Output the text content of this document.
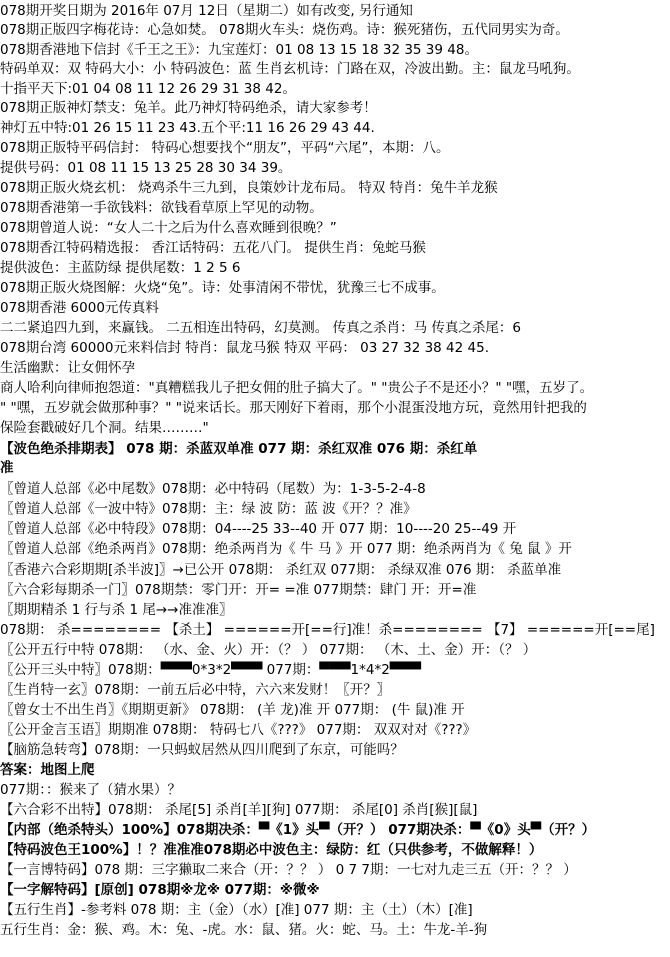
078期开奖日期为 2016年 07月 12日（星期二）如有改变, 另行通知
078期正版四字梅花诗：心急如焚。 078期火车头：烧伤鸡。诗：猴死猪伤，五代同男实为奇。
078期香港地下信封《千王之王》：九宝莲灯：01 08 13 15 18 32 35 39 48。
特码单双：双 特码大小：小 特码波色：蓝 生肖玄机诗：门路在双，冷波出勤。主：鼠龙马吼狗。
十指平天下:01 04 08 11 12 26 29 31 38 42。
078期正版神灯禁支：兔羊。此乃神灯特码绝杀，请大家参考！
神灯五中特:01 26 15 11 23 43.五个平:11 16 26 29 43 44.
078期正版特平码信封： 特码心想要找个“朋友”，平码“六尾”，本期：八。
提供号码：01 08 11 15 13 25 28 30 34 39。
078期正版火烧玄机： 烧鸡杀牛三九到，良策妙计龙布局。 特双 特肖：兔牛羊龙猴
078期香港第一手欲钱料：欲钱看草原上罕见的动物。
078期曾道人说：“女人二十之后为什么喜欢睡到很晚？”
078期香江特码精选报： 香江话特码：五花八门。 提供生肖：兔蛇马猴
提供波色：主蓝防绿 提供尾数：1 2 5 6
078期正版火烧图解：火烧“兔”。诗：处事清闲不带忧，犹豫三七不成事。
078期香港 6000元传真料
二二紧追四九到，来赢钱。 二五相连出特码，幻莫测。 传真之杀肖：马 传真之杀尾：6
078期台湾 60000元来料信封 特肖：鼠龙马猴 特双 平码： 03 27 32 38 42 45.
生活幽默：让女佣怀孕
商人哈利向律师抱怨道："真糟糕我儿子把女佣的肚子搞大了。" "贵公子不是还小？" "嘿，五岁了。
" "嘿，五岁就会做那种事？" "说来话长。那天刚好下着雨，那个小混蛋没地方玩，竟然用针把我的
保险套戳破好几个洞。结果………"
【波色绝杀排期表】 078 期：杀蓝双单准 077 期：杀红双准 076 期：杀红单
准
〖曾道人总部《必中尾数》078期：必中特码（尾数）为：1-3-5-2-4-8
〖曾道人总部《一波中特》078期：主：绿 波 防：蓝 波《开？？准》
〖曾道人总部《必中特段》078期：04----25 33--40 开 077 期：10----20 25--49 开
〖曾道人总部《绝杀两肖》078期：绝杀两肖为《 牛 马 》开 077 期：绝杀两肖为《 兔 鼠 》开
〖香港六合彩期期[杀半波]〗→已公开 078期： 杀红双 077期： 杀绿双准 076 期： 杀蓝单准
〖六合彩每期杀一门〗078期禁：零门开：开= =准 077期禁：肆门 开：开=准
〖期期精杀 1 行与杀 1 尾→→准准准〗
078期： 杀======== 【杀土】 ======开[==行]准！杀======== 【7】 ======开[==尾]
〖公开五行中特 078期： （水、金、火）开：（？ ） 077期： （木、土、金）开：（？ ）
〖公开三头中特〗078期：▀▀▀0*3*2▀▀▀ 077期：▀▀▀1*4*2▀▀▀
〖生肖特一玄〗078期：一前五后必中特，六六来发财！〖开？〗
〖曾女士不出生肖〗《期期更新》 078期： (羊 龙)准 开 077期： (牛 鼠)准 开
〖公开金言玉语〗期期准 078期： 特码七八《???》 077期： 双双对对《???》
【脑筋急转弯】078期：一只蚂蚁居然从四川爬到了东京，可能吗？
答案：地图上爬
077期：：猴来了（猜水果）？
【六合彩不出特】078期： 杀尾[5] 杀肖[羊][狗] 077期： 杀尾[0] 杀肖[猴][鼠]
【内部（绝杀特头）100%】078期决杀：▀《1》头▀（开？） 077期决杀：▀《0》头▀（开？）
【特码波色王100%】！？准准准078期必中波色主：绿防：红（只供参考，不做解释！）
【一言博特码】078 期：三字獭取二来合（开：？？ ） 0 7 7期：一七对九走三五（开：？？ ）
【一字解特码】[原创] 078期※龙※ 077期：※微※
【五行生肖】-参考料 078 期：主（金）（水）[准] 077 期：主（土）（木）[准]
五行生肖：金：猴、鸡。木：兔、-虎。水：鼠、猪。火：蛇、马。土：牛龙-羊-狗
